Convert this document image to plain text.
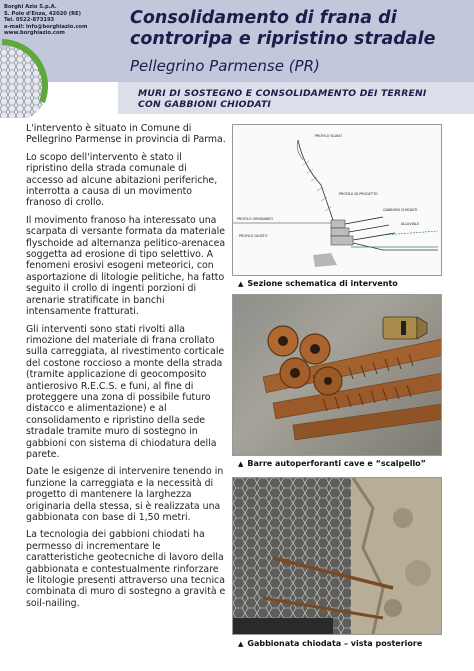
Borghi Azio S.p.A.
S. Polo d'Enza, 42020 (RE)
Tel. 0522-873193
e-mail: info@borghiazio.com
www.borghiazio.com
Consolidamento di frana di
controripa e ripristino stradale
Pellegrino Parmense (PR)
MURI DI SOSTEGNO E CONSOLIDAMENTO DEI TERRENI
CON GABBIONI CHIODATI

L'intervento è situato in Comune di Pellegrino Parmense in provincia di Parma.

Lo scopo dell'intervento è stato il ripristino della strada comunale di accesso ad alcune abitazioni periferiche, interrotta a causa di un movimento franoso di crollo.

Il movimento franoso ha interessato una scarpata di versante formata da materiale flyschoide ad alternanza pelitico-arenacea soggetta ad erosione di tipo selettivo. A fenomeni erosivi esogeni meteorici, con asportazione di litologie pelitiche, ha fatto seguito il crollo di ingenti porzioni di arenarie stratificate in banchi intensamente fratturati.

Gli interventi sono stati rivolti alla rimozione del materiale di frana crollato sulla carreggiata, al rivestimento corticale del costone roccioso a monte della strada (tramite applicazione di geocomposito antierosivo R.E.C.S. e funi, al fine di proteggere una zona di possibile futuro distacco e alimentazione) e al consolidamento e ripristino della sede stradale tramite muro di sostegno in gabbioni con sistema di chiodatura della parete.

Date le esigenze di intervenire tenendo in funzione la carreggiata e la necessità di progetto di mantenere la larghezza originaria della stessa, si è realizzata una gabbionata con base di 1,50 metri.

La tecnologia dei gabbioni chiodati ha permesso di incrementare le caratteristiche geotecniche di lavoro della gabbionata e contestualmente rinforzare le litologie presenti attraverso una tecnica combinata di muro di sostegno a gravità e soil-nailing.

PROFILO SCAVO
PROFILO ORIGINARIO
PROFILO GIUSTO
PROFILO DI PROGETTO
GABBIONI CHIODATI
ALLUVIALE
▲ Sezione schematica di intervento
▲ Barre autoperforanti cave e “scalpello”
▲ Gabbionata chiodata – vista posteriore
